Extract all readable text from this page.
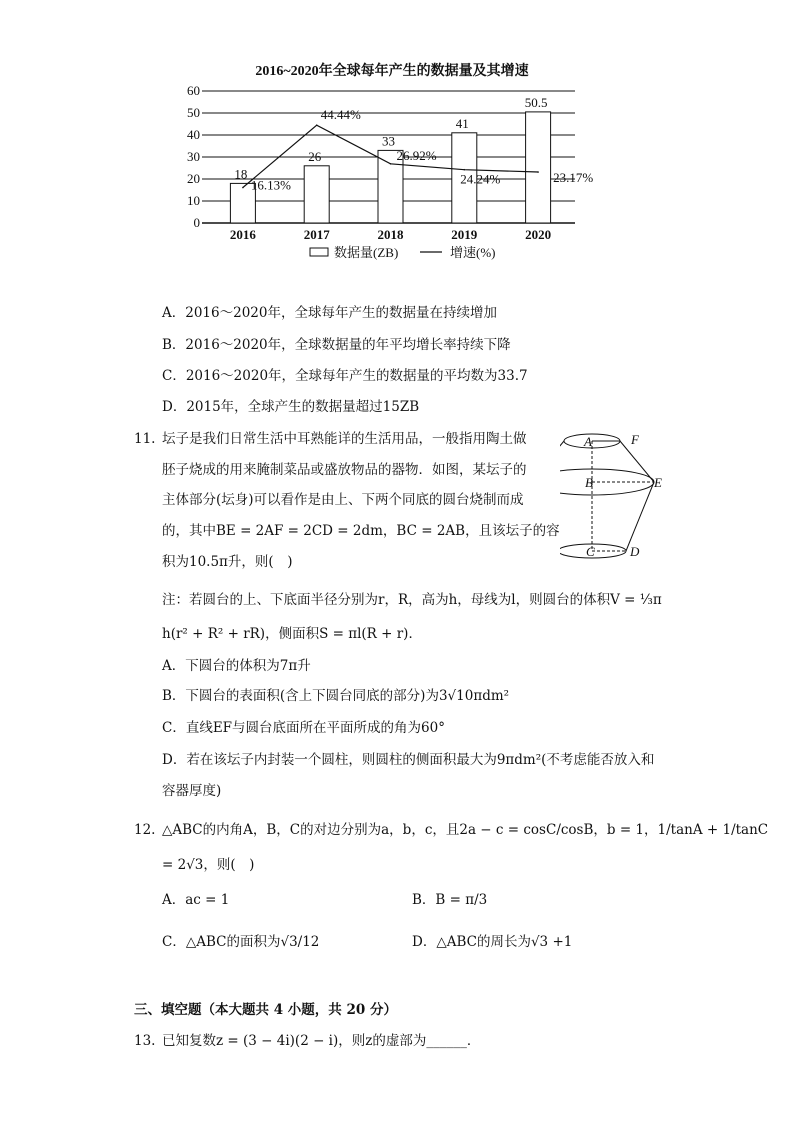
2016~2020年全球每年产生的数据量及其增速
0
10
20
30
40
50
60
18
26
33
41
50.5
16.13%
44.44%
26.92%
24.24%	23.17%
2016	2017	2018	2019	2020
数据量(ZB)	增速(%)
A．2016～2020年，全球每年产生的数据量在持续增加
B．2016～2020年，全球数据量的年平均增长率持续下降
C．2016～2020年，全球每年产生的数据量的平均数为33.7
D．2015年，全球产生的数据量超过15ZB
11. 坛子是我们日常生活中耳熟能详的生活用品，一般指用陶土做
胚子烧成的用来腌制菜品或盛放物品的器物．如图，某坛子的
主体部分(坛身)可以看作是由上、下两个同底的圆台烧制而成
的，其中BE = 2AF = 2CD = 2dm，BC = 2AB，且该坛子的容
积为10.5π升，则(　)
A	F
B	E
C	D
注：若圆台的上、下底面半径分别为r，R，高为h，母线为l，则圆台的体积V = ⅓π
h(r² + R² + rR)，侧面积S = πl(R + r)．
A．下圆台的体积为7π升
B．下圆台的表面积(含上下圆台同底的部分)为3√10πdm²
C．直线EF与圆台底面所在平面所成的角为60°
D．若在该坛子内封装一个圆柱，则圆柱的侧面积最大为9πdm²(不考虑能否放入和
容器厚度)
12. △ABC的内角A，B，C的对边分别为a，b，c，且2a − c = cosC/cosB，b = 1，1/tanA + 1/tanC
= 2√3，则(　)
A．ac = 1	B．B = π/3
C．△ABC的面积为√3/12	D．△ABC的周长为√3 +1
三、填空题（本大题共 4 小题，共 20 分）
13. 已知复数z = (3 − 4i)(2 − i)，则z的虚部为______．
